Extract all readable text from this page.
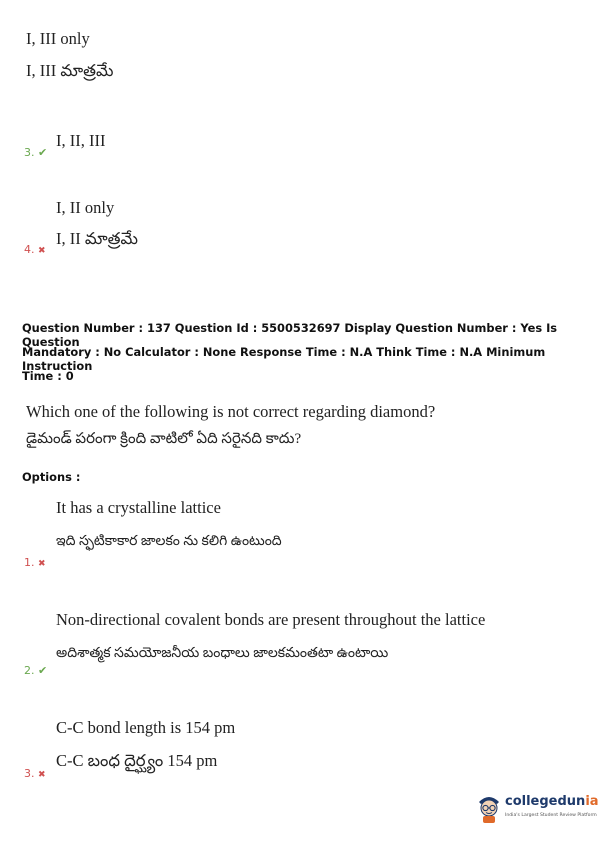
I, III only
I, III మాత్రమే
I, II, III
3. ✔
I, II only
I, II మాత్రమే
4. ✖
Question Number : 137 Question Id : 5500532697 Display Question Number : Yes Is Question
Mandatory : No Calculator : None Response Time : N.A Think Time : N.A Minimum Instruction
Time : 0
Which one of the following is not correct regarding diamond?
డైమండ్ పరంగా క్రింది వాటిలో ఏది సరైనది కాదు?
Options :
It has a crystalline lattice
ఇది స్ఫటికాకార జాలకం ను కలిగి ఉంటుంది
1. ✖
Non-directional covalent bonds are present throughout the lattice
అదిశాత్మక సమయోజనీయ బంధాలు జాలకమంతటా ఉంటాయి
2. ✔
C-C bond length is 154 pm
C-C బంధ దైర్ఘ్యం 154 pm
3. ✖
collegedunia
India's Largest Student Review Platform
